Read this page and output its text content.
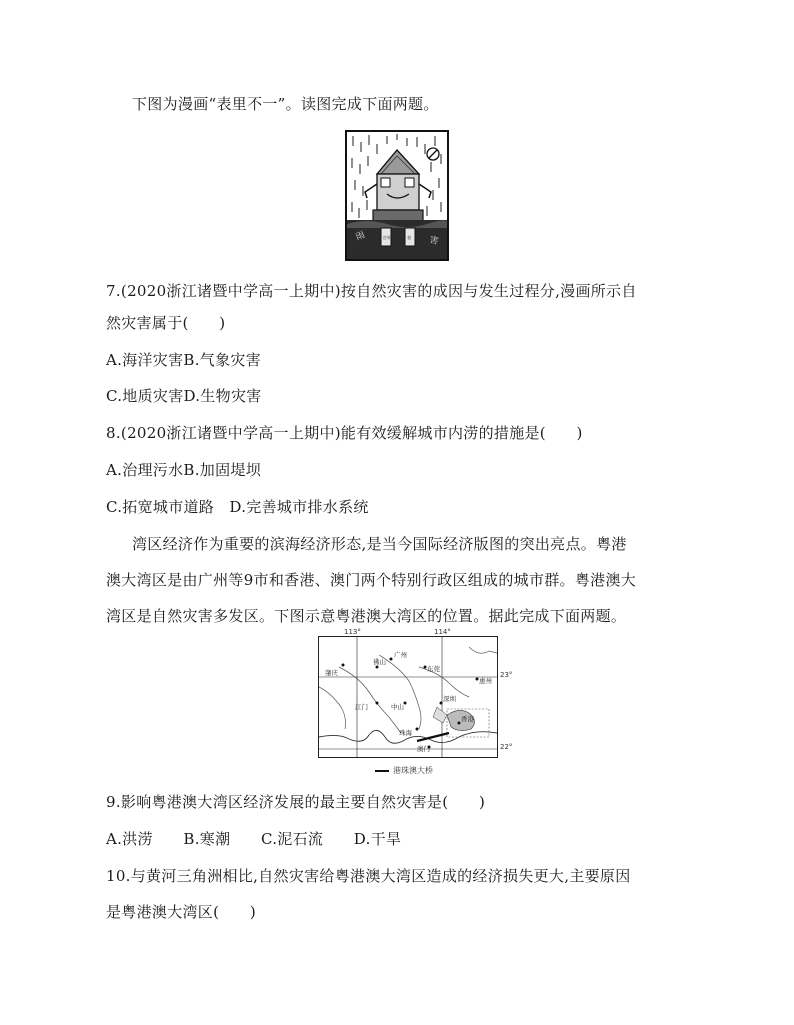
下图为漫画“表里不一”。读图完成下面两题。
打补	表
雨	害
7.(2020浙江诸暨中学高一上期中)按自然灾害的成因与发生过程分,漫画所示自
然灾害属于(　　)
A.海洋灾害B.气象灾害
C.地质灾害D.生物灾害
8.(2020浙江诸暨中学高一上期中)能有效缓解城市内涝的措施是(　　)
A.治理污水B.加固堤坝
C.拓宽城市道路　D.完善城市排水系统
湾区经济作为重要的滨海经济形态,是当今国际经济版图的突出亮点。粤港
澳大湾区是由广州等9市和香港、澳门两个特别行政区组成的城市群。粤港澳大
湾区是自然灾害多发区。下图示意粤港澳大湾区的位置。据此完成下面两题。
肇庆
佛山
广州
东莞
惠州
江门	中山
深圳
珠海
香港
澳门
113°	114°
23°
22°
港珠澳大桥
9.影响粤港澳大湾区经济发展的最主要自然灾害是(　　)
A.洪涝　　B.寒潮　　C.泥石流　　D.干旱
10.与黄河三角洲相比,自然灾害给粤港澳大湾区造成的经济损失更大,主要原因
是粤港澳大湾区(　　)
